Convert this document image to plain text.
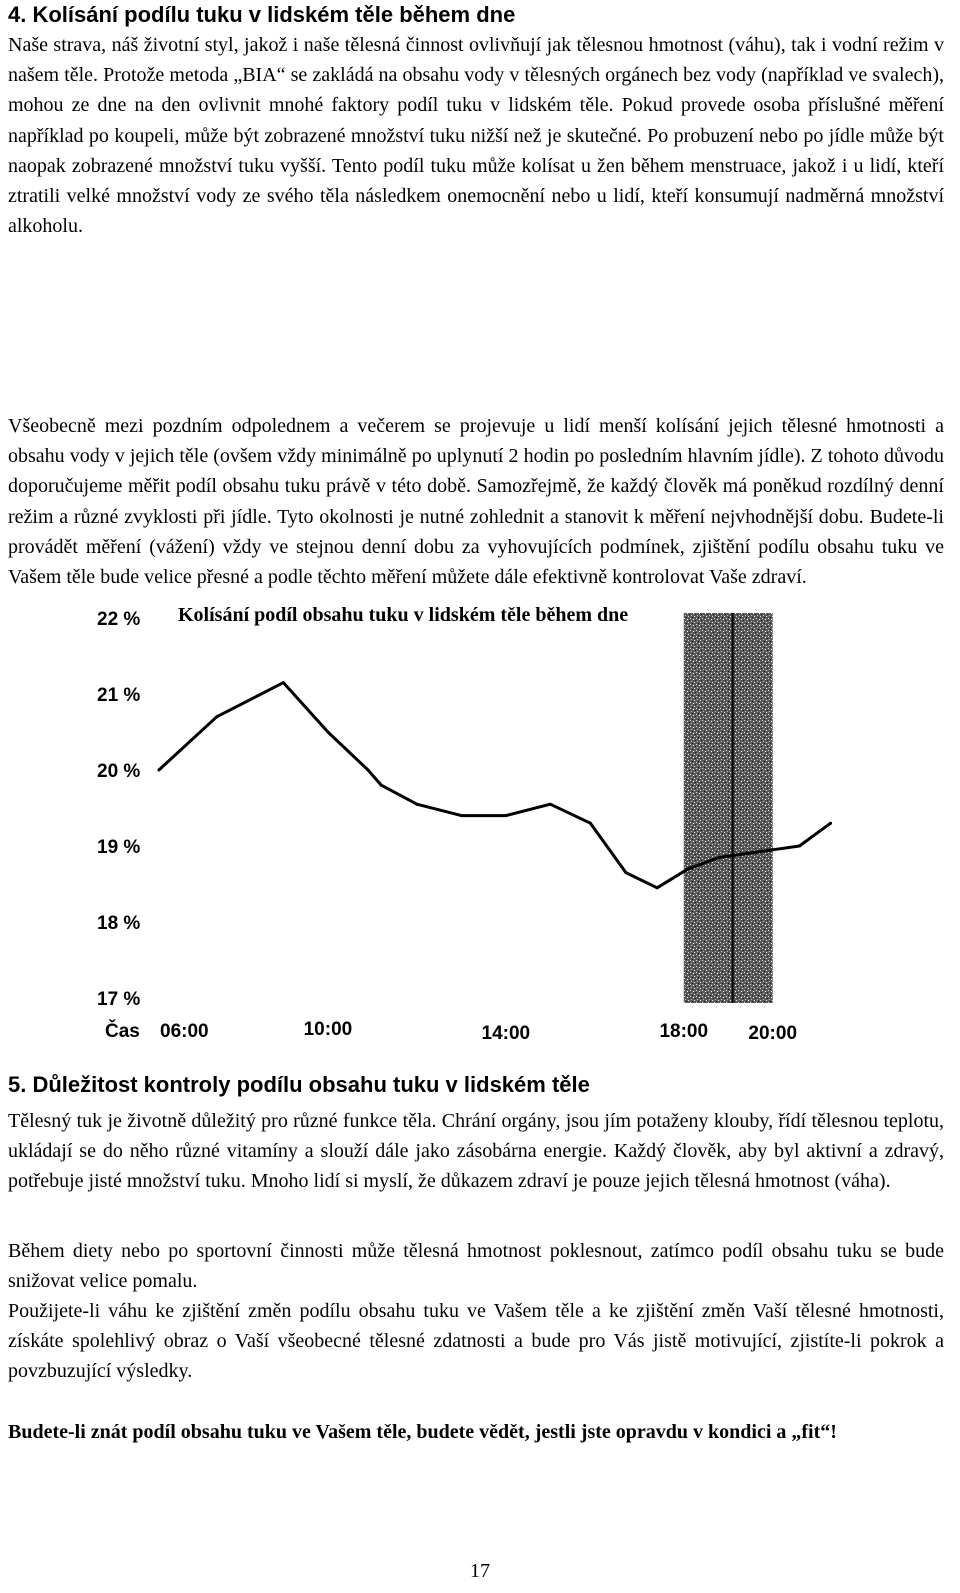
4. Kolísání podílu tuku v lidském těle během dne

Naše strava, náš životní styl, jakož i naše tělesná činnost ovlivňují jak tělesnou hmotnost (váhu), tak i vodní režim v našem těle. Protože metoda „BIA“ se zakládá na obsahu vody v tělesných orgánech bez vody (například ve svalech), mohou ze dne na den ovlivnit mnohé faktory podíl tuku v lidském těle. Pokud provede osoba příslušné měření například po koupeli, může být zobrazené množství tuku nižší než je skutečné. Po probuzení nebo po jídle může být naopak zobrazené množství tuku vyšší. Tento podíl tuku může kolísat u žen během menstruace, jakož i u lidí, kteří ztratili velké množství vody ze svého těla následkem onemocnění nebo u lidí, kteří konsumují nadměrná množství alkoholu.

Všeobecně mezi pozdním odpolednem a večerem se projevuje u lidí menší kolísání jejich tělesné hmotnosti a obsahu vody v jejich těle (ovšem vždy minimálně po uplynutí 2 hodin po posledním hlavním jídle). Z tohoto důvodu doporučujeme měřit podíl obsahu tuku právě v této době. Samozřejmě, že každý člověk má poněkud rozdílný denní režim a různé zvyklosti při jídle. Tyto okolnosti je nutné zohlednit a stanovit k měření nejvhodnější dobu. Budete-li provádět měření (vážení) vždy ve stejnou denní dobu za vyhovujících podmínek, zjištění podílu obsahu tuku ve Vašem těle bude velice přesné a podle těchto měření můžete dále efektivně kontrolovat Vaše zdraví.

Kolísání podíl obsahu tuku v lidském těle během dne

22 %
21 %
20 %
19 %
18 %
17 %
06:00	10:00	14:00	18:00 20:00
Čas
5. Důležitost kontroly podílu obsahu tuku v lidském těle

Tělesný tuk je životně důležitý pro různé funkce těla. Chrání orgány, jsou jím potaženy klouby, řídí tělesnou teplotu, ukládají se do něho různé vitamíny a slouží dále jako zásobárna energie. Každý člověk, aby byl aktivní a zdravý, potřebuje jisté množství tuku. Mnoho lidí si myslí, že důkazem zdraví je pouze jejich tělesná hmotnost (váha).

Během diety nebo po sportovní činnosti může tělesná hmotnost poklesnout, zatímco podíl obsahu tuku se bude snižovat velice pomalu.

Použijete-li váhu ke zjištění změn podílu obsahu tuku ve Vašem těle a ke zjištění změn Vaší tělesné hmotnosti, získáte spolehlivý obraz o Vaší všeobecné tělesné zdatnosti a bude pro Vás jistě motivující, zjistíte-li pokrok a povzbuzující výsledky.

Budete-li znát podíl obsahu tuku ve Vašem těle, budete vědět, jestli jste opravdu v kondici a „fit“!

17
